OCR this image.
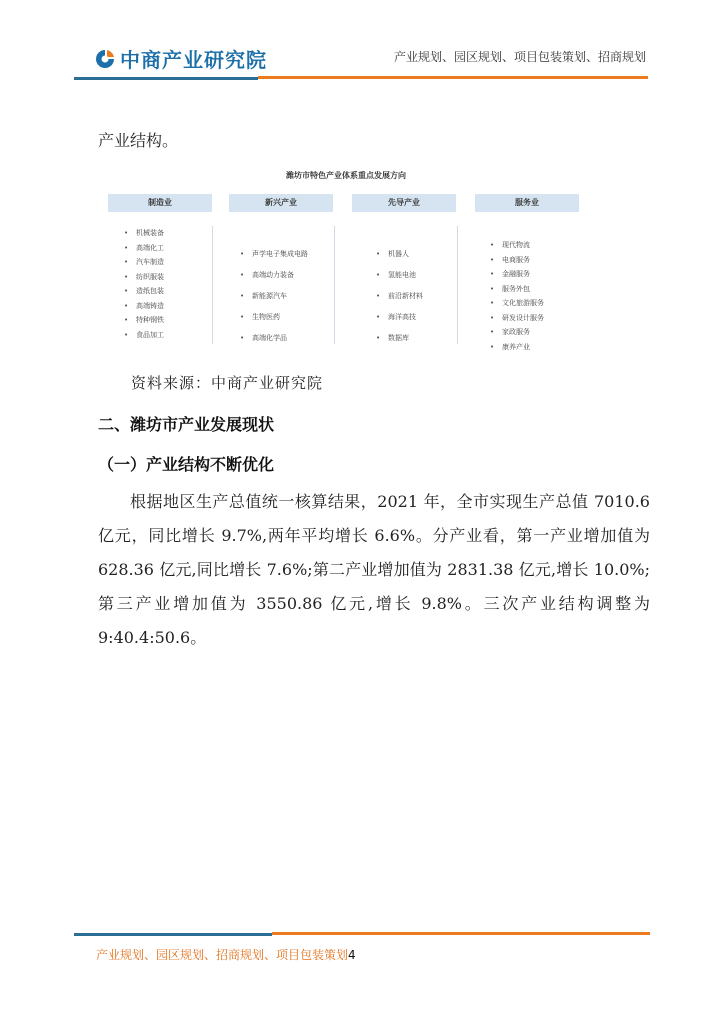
中商产业研究院	产业规划、园区规划、项目包装策划、招商规划
产业结构。
潍坊市特色产业体系重点发展方向
制造业	新兴产业	先导产业	服务业
• 机械装备
• 高端化工
• 汽车制造
• 纺织服装
• 造纸包装
• 高端铸造
• 特种钢铁
• 食品加工
• 声学电子集成电路
• 高端动力装备
• 新能源汽车
• 生物医药
• 高端化学品
• 机器人
• 氢能电池
• 前沿新材料
• 海洋高技
• 数据库
• 现代物流
• 电商服务
• 金融服务
• 服务外包
• 文化旅游服务
• 研发设计服务
• 家政服务
• 康养产业
资料来源：中商产业研究院
二、潍坊市产业发展现状
（一）产业结构不断优化
根据地区生产总值统一核算结果，2021 年，全市实现生产总值 7010.6 亿元，同比增长 9.7%,两年平均增长 6.6%。分产业看，第一产业增加值为 628.36 亿元,同比增长 7.6%;第二产业增加值为 2831.38 亿元,增长 10.0%;第三产业增加值为 3550.86 亿元,增长 9.8%。三次产业结构调整为 9:40.4:50.6。
产业规划、园区规划、招商规划、项目包装策划4
